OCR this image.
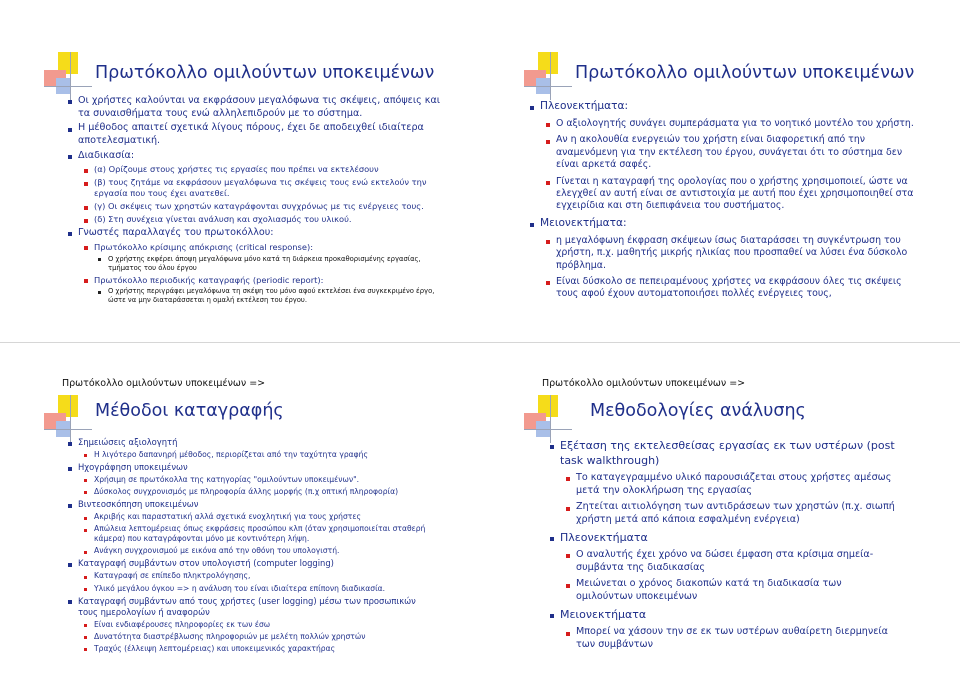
Πρωτόκολλο ομιλούντων υποκειμένων
Οι χρήστες καλούνται να εκφράσουν μεγαλόφωνα τις σκέψεις, απόψεις και τα συναισθήματα τους ενώ αλληλεπιδρούν με το σύστημα.
Η μέθοδος απαιτεί σχετικά λίγους πόρους, έχει δε αποδειχθεί ιδιαίτερα αποτελεσματική.
Διαδικασία:
(α) Ορίζουμε στους χρήστες τις εργασίες που πρέπει να εκτελέσουν
(β) τους ζητάμε να εκφράσουν μεγαλόφωνα τις σκέψεις τους ενώ εκτελούν την εργασία που τους έχει ανατεθεί.
(γ) Οι σκέψεις των χρηστών καταγράφονται συγχρόνως με τις ενέργειες τους.
(δ) Στη συνέχεια γίνεται ανάλυση και σχολιασμός του υλικού.
Γνωστές παραλλαγές του πρωτοκόλλου:
Πρωτόκολλο κρίσιμης απόκρισης (critical response):
Ο χρήστης εκφέρει άποψη μεγαλόφωνα μόνο κατά τη διάρκεια προκαθορισμένης εργασίας, τμήματος του όλου έργου
Πρωτόκολλο περιοδικής καταγραφής (periodic report):
Ο χρήστης περιγράφει μεγαλόφωνα τη σκέψη του μόνο αφού εκτελέσει ένα συγκεκριμένο έργο, ώστε να μην διαταράσσεται η ομαλή εκτέλεση του έργου.
Πρωτόκολλο ομιλούντων υποκειμένων
Πλεονεκτήματα:
Ο αξιολογητής συνάγει συμπεράσματα για το νοητικό μοντέλο του χρήστη.
Αν η ακολουθία ενεργειών του χρήστη είναι διαφορετική από την αναμενόμενη για την εκτέλεση του έργου, συνάγεται ότι το σύστημα δεν είναι αρκετά σαφές.
Γίνεται η καταγραφή της ορολογίας που ο χρήστης χρησιμοποιεί, ώστε να ελεγχθεί αν αυτή είναι σε αντιστοιχία με αυτή που έχει χρησιμοποιηθεί στα εγχειρίδια και στη διεπιφάνεια του συστήματος.
Μειονεκτήματα:
η μεγαλόφωνη έκφραση σκέψεων ίσως διαταράσσει τη συγκέντρωση του χρήστη, π.χ. μαθητής μικρής ηλικίας που προσπαθεί να λύσει ένα δύσκολο πρόβλημα.
Είναι δύσκολο σε πεπειραμένους χρήστες να εκφράσουν όλες τις σκέψεις τους αφού έχουν αυτοματοποιήσει πολλές ενέργειες τους,
Πρωτόκολλο ομιλούντων υποκειμένων =>
Μέθοδοι καταγραφής
Σημειώσεις αξιολογητή
Η λιγότερο δαπανηρή μέθοδος, περιορίζεται από την ταχύτητα γραφής
Ηχογράφηση υποκειμένων
Χρήσιμη σε πρωτόκολλα της κατηγορίας "ομιλούντων υποκειμένων".
Δύσκολος συγχρονισμός με πληροφορία άλλης μορφής (π.χ οπτική πληροφορία)
Βιντεοσκόπηση υποκειμένων
Ακριβής και παραστατική αλλά σχετικά ενοχλητική για τους χρήστες
Απώλεια λεπτομέρειας όπως εκφράσεις προσώπου κλπ (όταν χρησιμοποιείται σταθερή κάμερα) που καταγράφονται μόνο με κοντινότερη λήψη.
Ανάγκη συγχρονισμού με εικόνα από την οθόνη του υπολογιστή.
Καταγραφή συμβάντων στον υπολογιστή (computer logging)
Καταγραφή σε επίπεδο πληκτρολόγησης,
Υλικό μεγάλου όγκου => η ανάλυση του είναι ιδιαίτερα επίπονη διαδικασία.
Καταγραφή συμβάντων από τους χρήστες (user logging) μέσω των προσωπικών τους ημερολογίων ή αναφορών
Είναι ενδιαφέρουσες πληροφορίες εκ των έσω
Δυνατότητα διαστρέβλωσης πληροφοριών με μελέτη πολλών χρηστών
Τραχύς (έλλειψη λεπτομέρειας) και υποκειμενικός χαρακτήρας
Πρωτόκολλο ομιλούντων υποκειμένων =>
Μεθοδολογίες ανάλυσης
Εξέταση της εκτελεσθείσας εργασίας εκ των υστέρων (post task walkthrough)
Το καταγεγραμμένο υλικό παρουσιάζεται στους χρήστες αμέσως μετά την ολοκλήρωση της εργασίας
Ζητείται αιτιολόγηση των αντιδράσεων των χρηστών (π.χ. σιωπή χρήστη μετά από κάποια εσφαλμένη ενέργεια)
Πλεονεκτήματα
Ο αναλυτής έχει χρόνο να δώσει έμφαση στα κρίσιμα σημεία-συμβάντα της διαδικασίας
Μειώνεται ο χρόνος διακοπών κατά τη διαδικασία των ομιλούντων υποκειμένων
Μειονεκτήματα
Μπορεί να χάσουν την σε εκ των υστέρων αυθαίρετη διερμηνεία των συμβάντων
